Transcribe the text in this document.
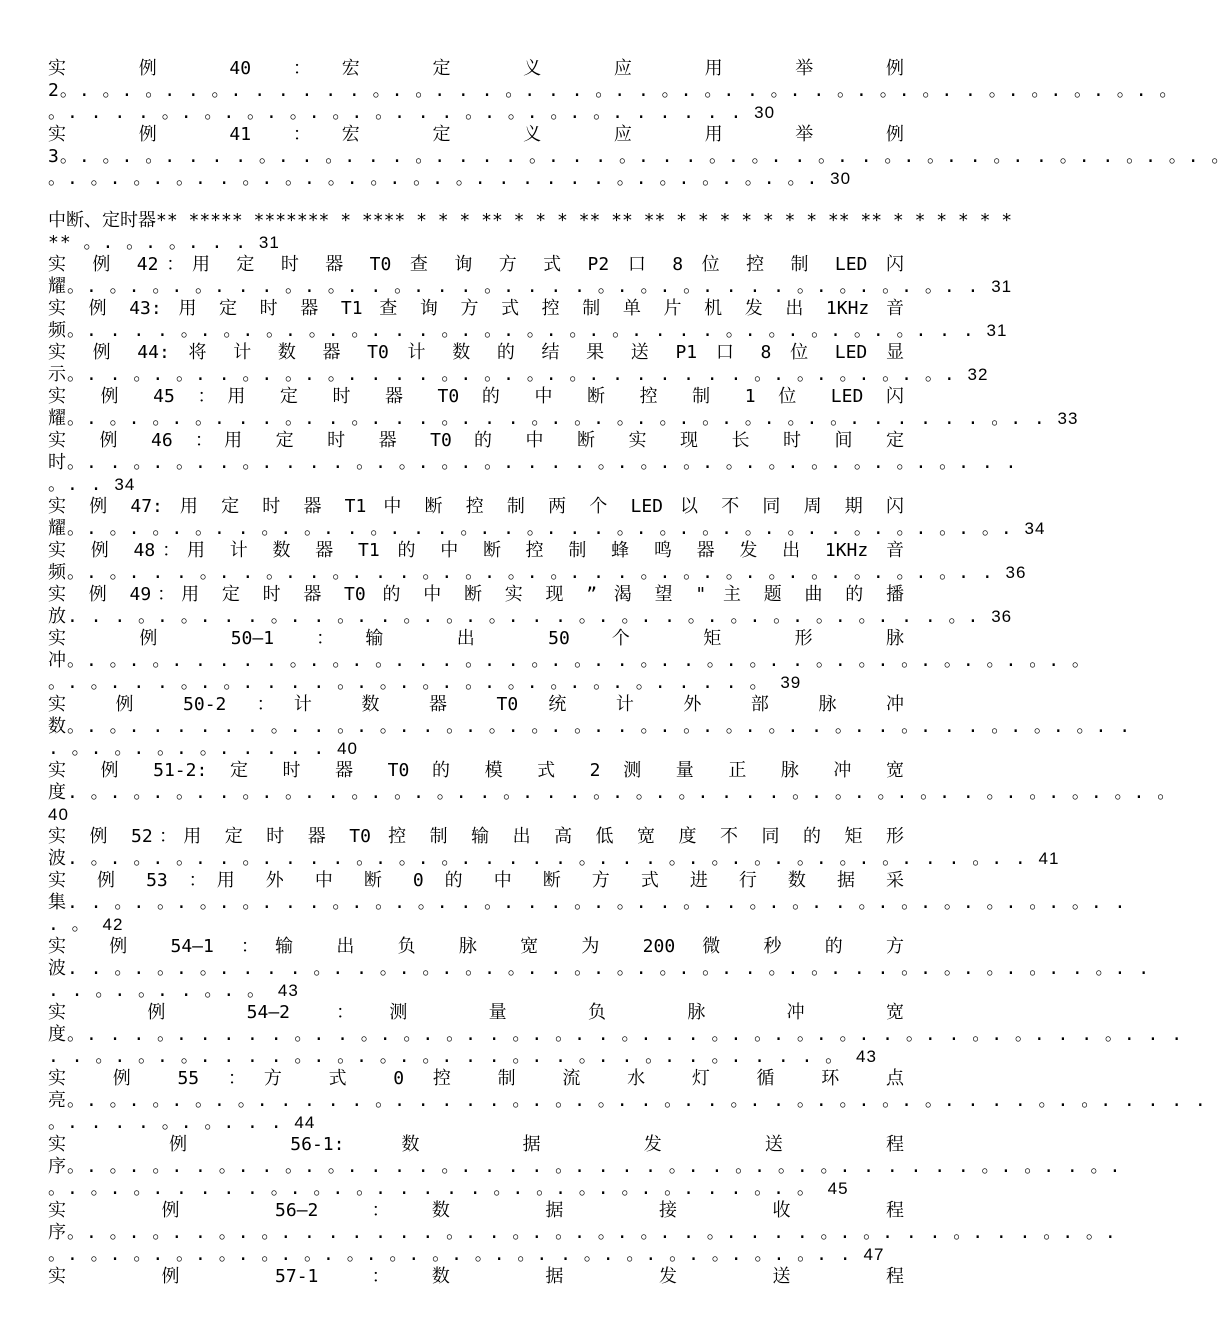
实 例 40 ：宏 定 义 应 用 举 例
2。. 。. 。. . 。. . . . . . 。. 。. . . 。. . . 。. . 。. 。. . 。. . 。. 。. 。. . 。. 。. 。. 。. 。
。. . . . 。. 。. 。. 。. 。. 。. . . 。. 。. 。. 。. . . . . . 30
实 例 41 ：宏 定 义 应 用 举 例
3。. 。. 。. . . . 。. . 。. . . 。. . . . 。. . . 。. . . 。. 。. . 。. . 。. 。. . 。. . 。. . 。. 。. 。
。. 。. 。. 。. . 。. 。. 。. 。. 。. 。. . . . . . 。. 。. 。. 。. 。. 30
中断、定时器** ***** ******* * **** * * * ** * * * ** ** ** * * * * * * * ** ** * * * * * *
** 。. 。. 。. . . 31
实 例 42：用 定 时 器 T0 查 询 方 式 P2 口 8 位 控 制 LED 闪
耀。. 。. 。. 。. . . 。. 。. . 。. . . 。. . . . 。. 。. 。. . . . 。. 。. 。. 。. . 31
实 例 43: 用 定 时 器 T1 查 询 方 式 控 制 单 片 机 发 出 1KHz 音
频。. . . . 。. 。. 。. 。. 。. . . 。. 。. 。. 。. 。. . . . 。. 。. 。. 。. 。. . . 31
实 例 44: 将 计 数 器 T0 计 数 的 结 果 送 P1 口 8 位 LED 显
示。. . 。. 。. . 。. 。. 。. . . . 。. 。. 。. 。. . . . . . . 。. 。. 。. 。. 。. 32
实 例 45 ：用 定 时 器 T0 的 中 断 控 制 1 位 LED 闪
耀。. 。. 。. 。. . . 。. . 。. . . 。. . . 。. 。. 。. 。. 。. 。. 。. 。. . . . . . 。. . 33
实 例 46 ：用 定 时 器 T0 的 中 断 实 现 长 时 间 定
时。. . 。. 。. . 。. . . . 。. 。. 。. 。. . . . 。. 。. 。. 。. 。. 。. 。. 。. 。. . .
。. . 34
实 例 47: 用 定 时 器 T1 中 断 控 制 两 个 LED 以 不 同 周 期 闪
耀。. 。. 。. 。. . 。. 。. . 。. . . 。. . 。. . . 。. 。. 。. 。. 。. . 。. 。. 。. 。. 34
实 例 48：用 计 数 器 T1 的 中 断 控 制 蜂 鸣 器 发 出 1KHz 音
频。. 。. . . 。. . 。. . 。. . . 。. 。. 。. 。. . . 。. 。. 。. 。. 。. 。. 。. 。. . 36
实 例 49：用 定 时 器 T0 的 中 断 实 现 ” 渴 望 " 主 题 曲 的 播
放. . . 。. 。. . . 。. . 。. . 。. 。. 。. . . 。. 。. . 。. 。. 。. 。. 。. . . 。. 36
实 例 50—1 ：输 出 50 个 矩 形 脉
冲。. 。. 。. . . . . 。. 。. 。. . . 。. . 。. 。. . 。. . 。. 。. . 。. 。. 。. 。. 。. 。. 。
。. 。. . . 。. 。. . . . 。. 。. 。. 。. 。. 。. 。. 。. . . . 。 39
实 例 50-2 ：计 数 器 T0 统 计 外 部 脉 冲
数。. 。. . . . . . 。. . 。. 。. . 。. 。. 。. 。. . 。. 。. 。. 。. . 。. . 。. . . 。. 。. 。. .
. 。. 。. 。. 。. . . . . 40
实 例 51-2: 定 时 器 T0 的 模 式 2 测 量 正 脉 冲 宽
度. 。. 。. 。. . 。. 。. . 。. 。. 。. . 。. . . 。. 。. 。. . . . 。. 。. 。. 。. . 。. 。. 。. 。. 。
40
实 例 52：用 定 时 器 T0 控 制 输 出 高 低 宽 度 不 同 的 矩 形
波. 。. 。. 。. . 。. . . . 。. 。. 。. . . . . 。. . . 。. 。. 。. 。. 。. 。. . . 。. . 41
实 例 53 ：用 外 中 断 0 的 中 断 方 式 进 行 数 据 采
集. . 。. 。. 。. 。. . . 。. 。. 。. . 。. . . 。. 。. . 。. . 。. 。. . 。. 。. 。. 。. 。. 。. .
. 。 42
实 例 54—1 ：输 出 负 脉 宽 为 200 微 秒 的 方
波. . 。. 。. 。. . . . 。. . 。. 。. 。. 。. . 。. 。. 。. 。. . 。. 。. . . 。. 。. 。. 。. . 。. .
. . 。. 。. . 。. 。 43
实 例 54—2 ：测 量 负 脉 冲 宽
度。. . . 。. . . . . 。. . 。. 。. 。. . 。. 。. . 。. . . 。. 。. 。. 。. . 。. . 。. 。. . . 。. . .
. . 。. 。. 。. . . . 。. 。. 。. 。. . . 。. . 。. . 。. . 。. . . . 。 43
实 例 55 ：方 式 0 控 制 流 水 灯 循 环 点
亮。. 。. 。. 。. 。. . . . . 。. . . . . 。. 。. 。. . 。. . 。. . 。. 。. 。. 。. . . . 。. 。. . . . .
。. . . . 。. 。. . . 44
实 例 56-1: 数 据 发 送 程
序。. 。. 。. . 。. . 。. 。. . . . 。. . . . 。. . . . 。. . 。. 。. 。. . . . . . 。. 。. . 。.
。. 。. 。. . . . . 。. 。. 。. . . . . 。. 。. 。. 。. 。. . . 。. 。 45
实 例 56—2 ：数 据 接 收 程
序。. 。. 。. . 。. 。. . . . . . . 。. . 。. 。. 。. 。. . 。. . . . 。. 。. . . 。. . . 。. 。.
。. 。. 。. 。. 。. 。. 。. 。. 。. 。. 。. 。. . 。. 。. 。. 。. 。. 。. . 47
实 例 57-1 ：数 据 发 送 程
